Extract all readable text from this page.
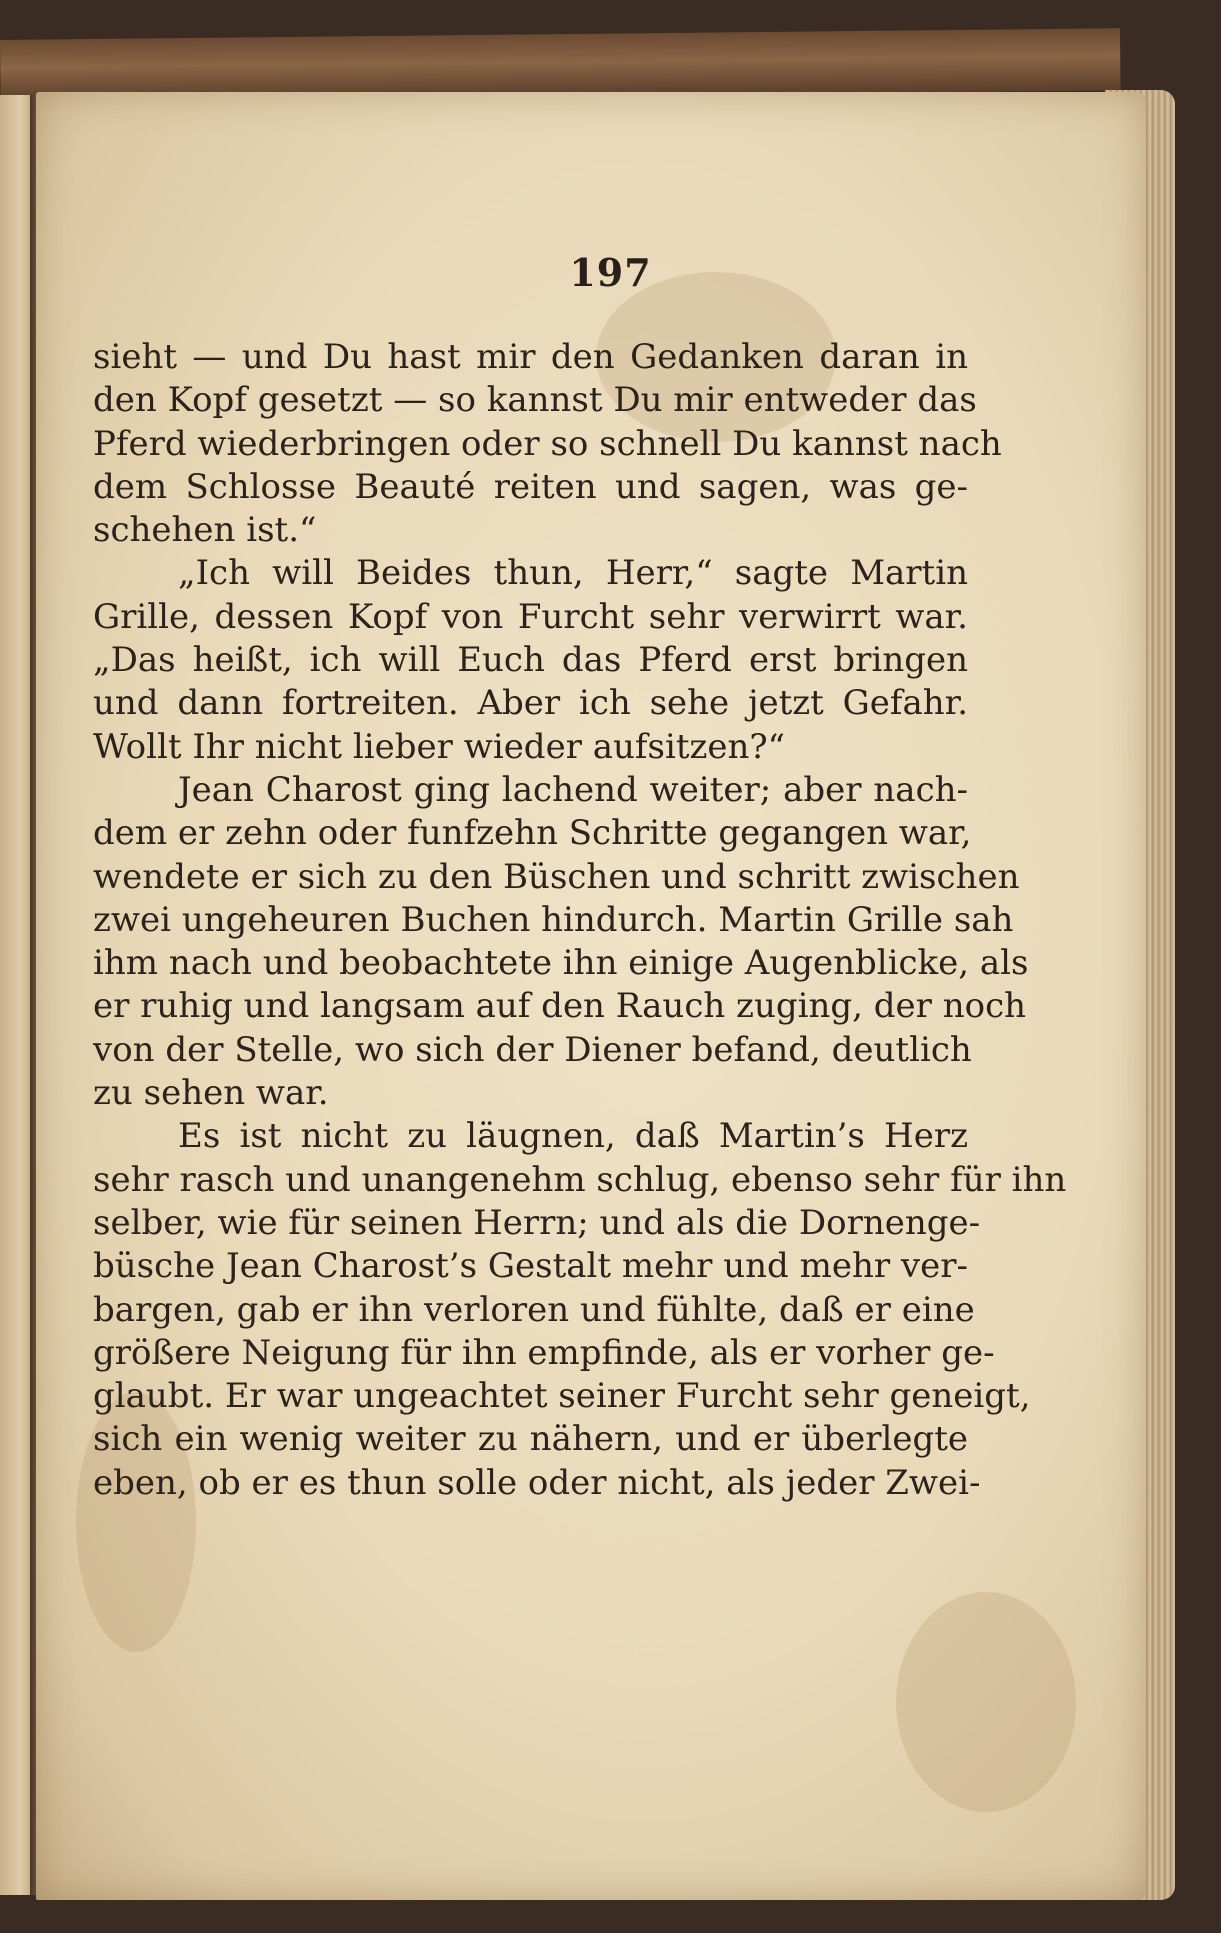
197
sieht — und Du hast mir den Gedanken daran in
den Kopf gesetzt — so kannst Du mir entweder das
Pferd wiederbringen oder so schnell Du kannst nach
dem Schlosse Beauté reiten und sagen, was ge-
schehen ist.“
„Ich will Beides thun, Herr,“ sagte Martin
Grille, dessen Kopf von Furcht sehr verwirrt war.
„Das heißt, ich will Euch das Pferd erst bringen
und dann fortreiten. Aber ich sehe jetzt Gefahr.
Wollt Ihr nicht lieber wieder aufsitzen?“
Jean Charost ging lachend weiter; aber nach-
dem er zehn oder funfzehn Schritte gegangen war,
wendete er sich zu den Büschen und schritt zwischen
zwei ungeheuren Buchen hindurch. Martin Grille sah
ihm nach und beobachtete ihn einige Augenblicke, als
er ruhig und langsam auf den Rauch zuging, der noch
von der Stelle, wo sich der Diener befand, deutlich
zu sehen war.
Es ist nicht zu läugnen, daß Martin’s Herz
sehr rasch und unangenehm schlug, ebenso sehr für ihn
selber, wie für seinen Herrn; und als die Dornenge-
büsche Jean Charost’s Gestalt mehr und mehr ver-
bargen, gab er ihn verloren und fühlte, daß er eine
größere Neigung für ihn empfinde, als er vorher ge-
glaubt. Er war ungeachtet seiner Furcht sehr geneigt,
sich ein wenig weiter zu nähern, und er überlegte
eben, ob er es thun solle oder nicht, als jeder Zwei-
